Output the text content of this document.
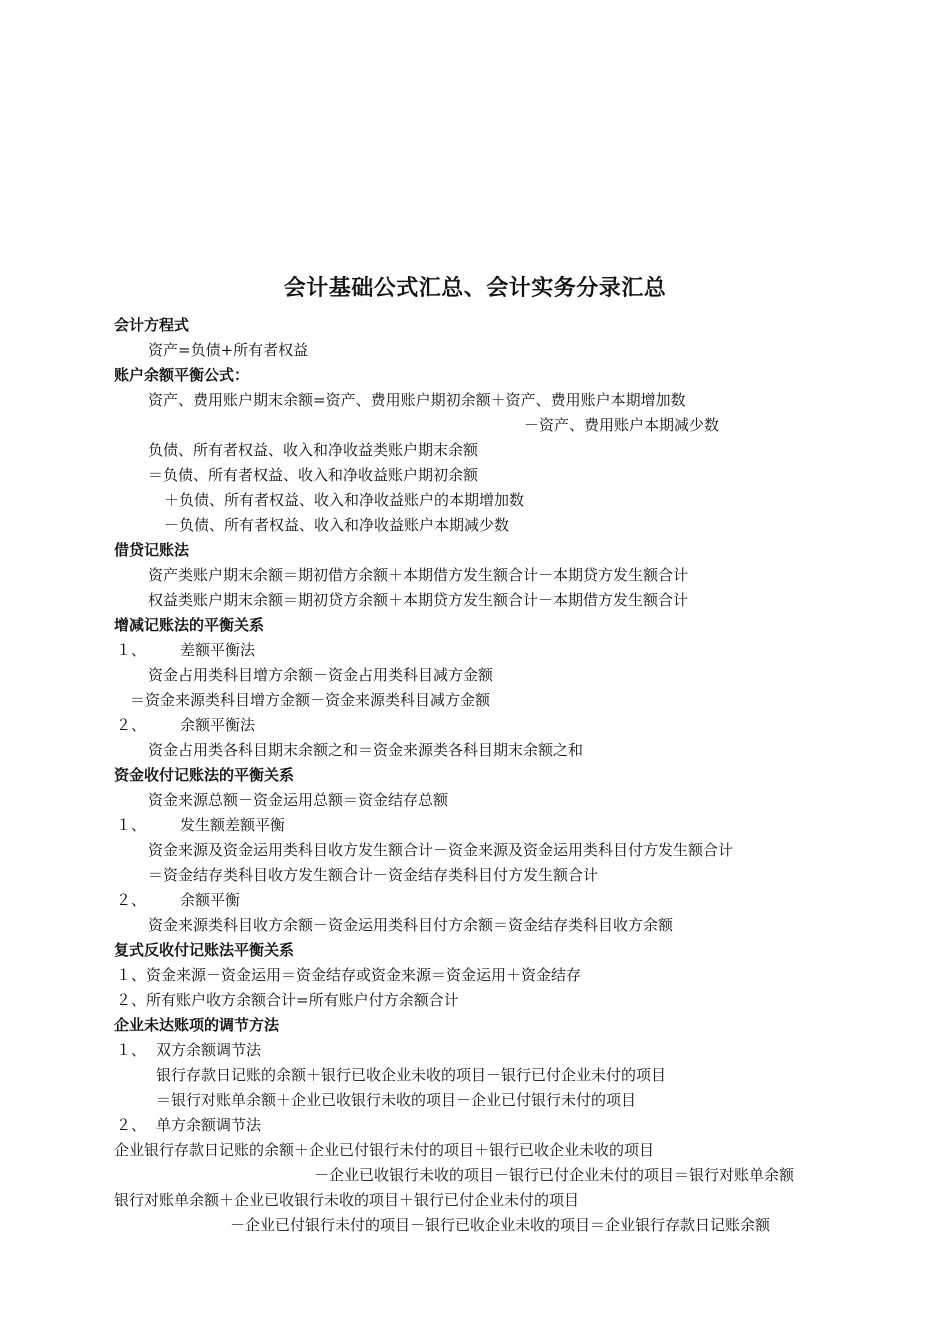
会计基础公式汇总、会计实务分录汇总
会计方程式
资产=负债+所有者权益
账户余额平衡公式：
资产、费用账户期末余额=资产、费用账户期初余额＋资产、费用账户本期增加数
－资产、费用账户本期减少数
负债、所有者权益、收入和净收益类账户期末余额
＝负债、所有者权益、收入和净收益账户期初余额
＋负债、所有者权益、收入和净收益账户的本期增加数
－负债、所有者权益、收入和净收益账户本期减少数
借贷记账法
资产类账户期末余额＝期初借方余额＋本期借方发生额合计－本期贷方发生额合计
权益类账户期末余额＝期初贷方余额＋本期贷方发生额合计－本期借方发生额合计
增减记账法的平衡关系
１、 差额平衡法
资金占用类科目增方余额－资金占用类科目减方金额
＝资金来源类科目增方金额－资金来源类科目减方金额
２、 余额平衡法
资金占用类各科目期末余额之和＝资金来源类各科目期末余额之和
资金收付记账法的平衡关系
资金来源总额－资金运用总额＝资金结存总额
１、 发生额差额平衡
资金来源及资金运用类科目收方发生额合计－资金来源及资金运用类科目付方发生额合计
＝资金结存类科目收方发生额合计－资金结存类科目付方发生额合计
２、 余额平衡
资金来源类科目收方余额－资金运用类科目付方余额＝资金结存类科目收方余额
复式反收付记账法平衡关系
１、资金来源－资金运用＝资金结存或资金来源＝资金运用＋资金结存
２、所有账户收方余额合计=所有账户付方余额合计
企业未达账项的调节方法
１、 双方余额调节法
银行存款日记账的余额＋银行已收企业未收的项目－银行已付企业未付的项目
＝银行对账单余额＋企业已收银行未收的项目－企业已付银行未付的项目
２、 单方余额调节法
企业银行存款日记账的余额＋企业已付银行未付的项目＋银行已收企业未收的项目
－企业已收银行未收的项目－银行已付企业未付的项目＝银行对账单余额
银行对账单余额＋企业已收银行未收的项目＋银行已付企业未付的项目
－企业已付银行未付的项目－银行已收企业未收的项目＝企业银行存款日记账余额
